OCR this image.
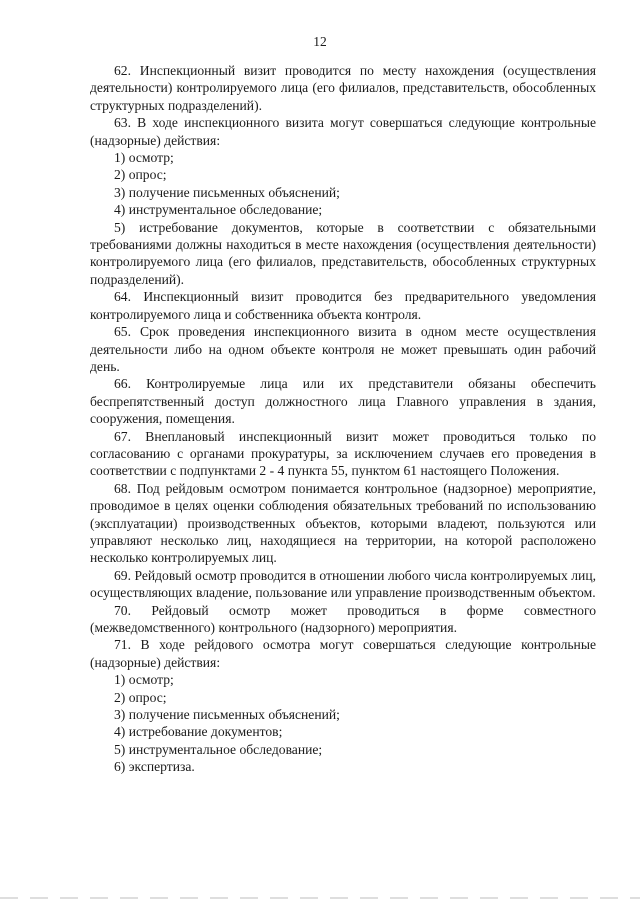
12

62. Инспекционный визит проводится по месту нахождения (осуществления деятельности) контролируемого лица (его филиалов, представительств, обособленных структурных подразделений).

63. В ходе инспекционного визита могут совершаться следующие контрольные (надзорные) действия:

1) осмотр;

2) опрос;

3) получение письменных объяснений;

4) инструментальное обследование;

5) истребование документов, которые в соответствии с обязательными требованиями должны находиться в месте нахождения (осуществления деятельности) контролируемого лица (его филиалов, представительств, обособленных структурных подразделений).

64. Инспекционный визит проводится без предварительного уведомления контролируемого лица и собственника объекта контроля.

65. Срок проведения инспекционного визита в одном месте осуществления деятельности либо на одном объекте контроля не может превышать один рабочий день.

66. Контролируемые лица или их представители обязаны обеспечить беспрепятственный доступ должностного лица Главного управления в здания, сооружения, помещения.

67. Внеплановый инспекционный визит может проводиться только по согласованию с органами прокуратуры, за исключением случаев его проведения в соответствии с подпунктами 2 - 4 пункта 55, пунктом 61 настоящего Положения.

68. Под рейдовым осмотром понимается контрольное (надзорное) мероприятие, проводимое в целях оценки соблюдения обязательных требований по использованию (эксплуатации) производственных объектов, которыми владеют, пользуются или управляют несколько лиц, находящиеся на территории, на которой расположено несколько контролируемых лиц.

69. Рейдовый осмотр проводится в отношении любого числа контролируемых лиц, осуществляющих владение, пользование или управление производственным объектом.

70. Рейдовый осмотр может проводиться в форме совместного (межведомственного) контрольного (надзорного) мероприятия.

71. В ходе рейдового осмотра могут совершаться следующие контрольные (надзорные) действия:

1) осмотр;

2) опрос;

3) получение письменных объяснений;

4) истребование документов;

5) инструментальное обследование;

6) экспертиза.
